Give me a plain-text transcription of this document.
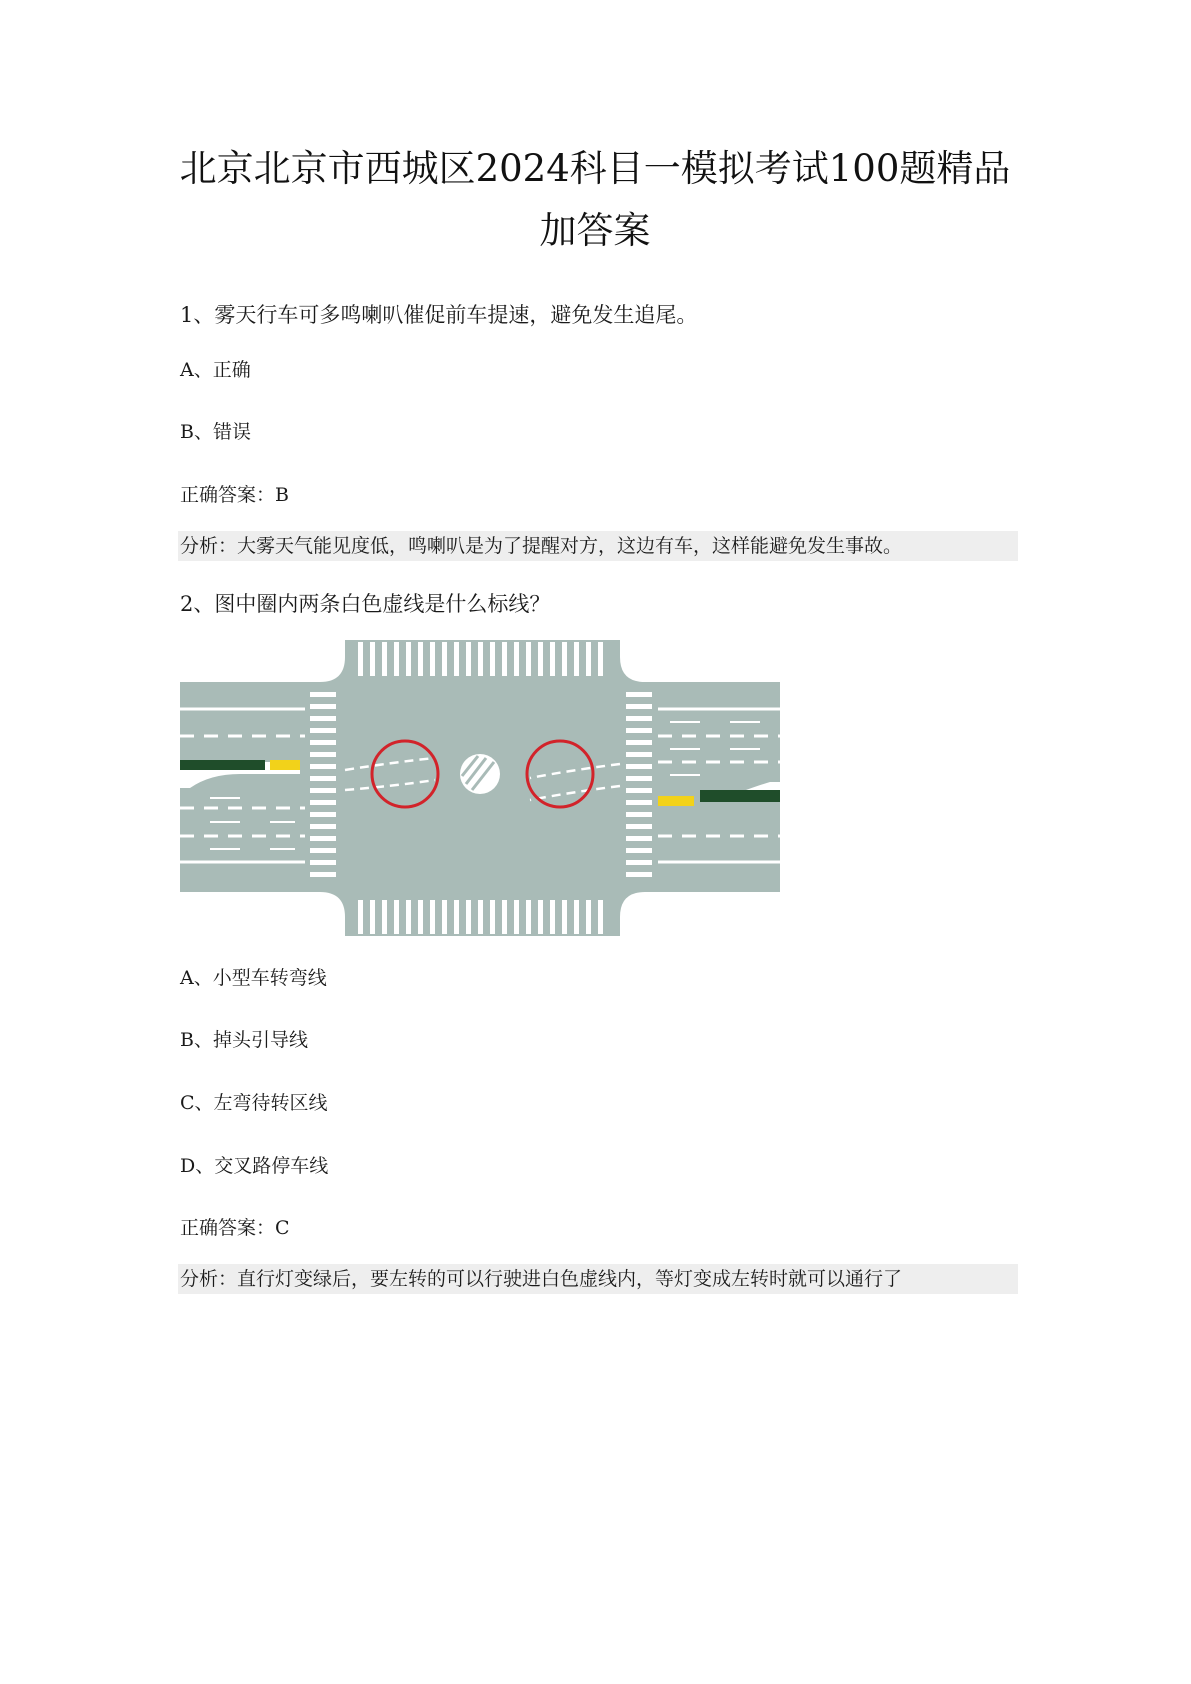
北京北京市西城区2024科目一模拟考试100题精品
加答案
1、雾天行车可多鸣喇叭催促前车提速，避免发生追尾。
A、正确
B、错误
正确答案：B
分析：大雾天气能见度低，鸣喇叭是为了提醒对方，这边有车，这样能避免发生事故。
2、图中圈内两条白色虚线是什么标线？
A、小型车转弯线
B、掉头引导线
C、左弯待转区线
D、交叉路停车线
正确答案：C
分析：直行灯变绿后，要左转的可以行驶进白色虚线内，等灯变成左转时就可以通行了
